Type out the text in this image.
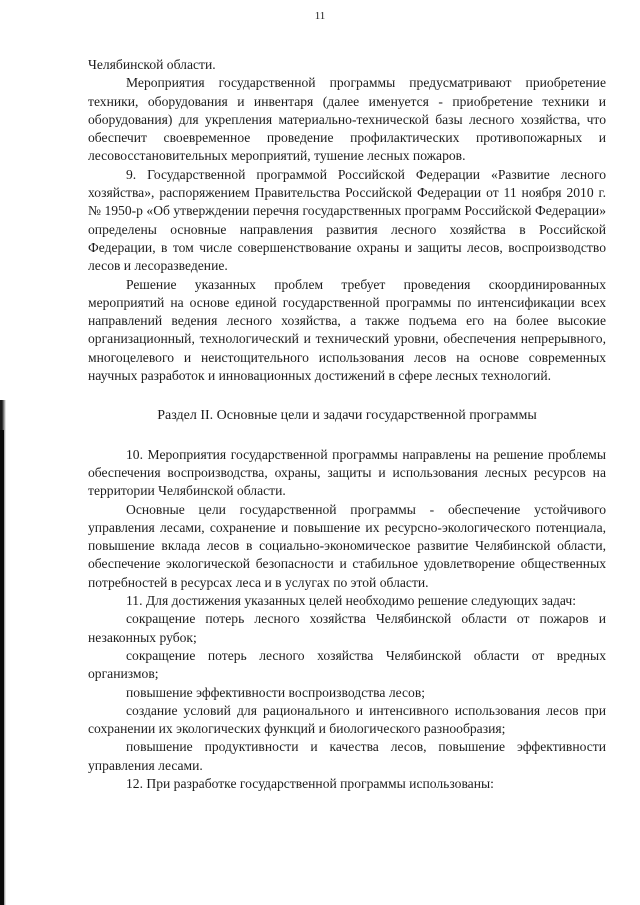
11

Челябинской области.

Мероприятия государственной программы предусматривают приобретение техники, оборудования и инвентаря (далее именуется - приобретение техники и оборудования) для укрепления материально-технической базы лесного хозяйства, что обеспечит своевременное проведение профилактических противопожарных и лесовосстановительных мероприятий, тушение лесных пожаров.

9. Государственной программой Российской Федерации «Развитие лесного хозяйства», распоряжением Правительства Российской Федерации от 11 ноября 2010 г. № 1950-р «Об утверждении перечня государственных программ Российской Федерации» определены основные направления развития лесного хозяйства в Российской Федерации, в том числе совершенствование охраны и защиты лесов, воспроизводство лесов и лесоразведение.

Решение указанных проблем требует проведения скоординированных мероприятий на основе единой государственной программы по интенсификации всех направлений ведения лесного хозяйства, а также подъема его на более высокие организационный, технологический и технический уровни, обеспечения непрерывного, многоцелевого и неистощительного использования лесов на основе современных научных разработок и инновационных достижений в сфере лесных технологий.

Раздел II. Основные цели и задачи государственной программы

10. Мероприятия государственной программы направлены на решение проблемы обеспечения воспроизводства, охраны, защиты и использования лесных ресурсов на территории Челябинской области.

Основные цели государственной программы - обеспечение устойчивого управления лесами, сохранение и повышение их ресурсно-экологического потенциала, повышение вклада лесов в социально-экономическое развитие Челябинской области, обеспечение экологической безопасности и стабильное удовлетворение общественных потребностей в ресурсах леса и в услугах по этой области.

11. Для достижения указанных целей необходимо решение следующих задач:

сокращение потерь лесного хозяйства Челябинской области от пожаров и незаконных рубок;

сокращение потерь лесного хозяйства Челябинской области от вредных организмов;

повышение эффективности воспроизводства лесов;

создание условий для рационального и интенсивного использования лесов при сохранении их экологических функций и биологического разнообразия;

повышение продуктивности и качества лесов, повышение эффективности управления лесами.

12. При разработке государственной программы использованы:
